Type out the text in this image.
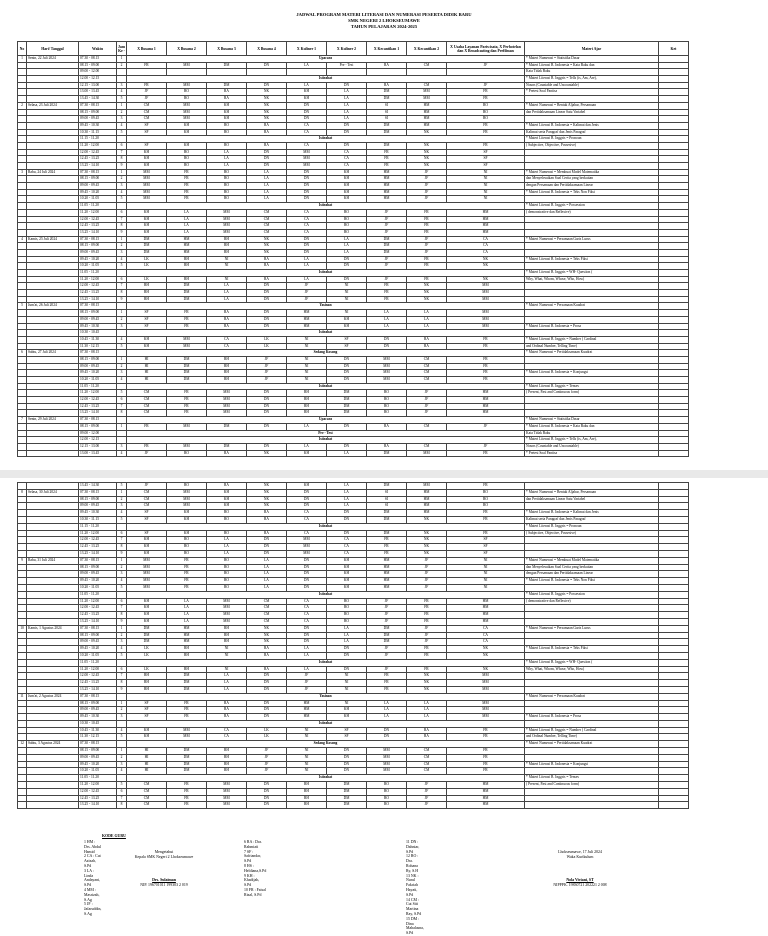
JADWAL PROGRAM MATERI LITERASI DAN NUMERASI PESERTA DIDIK BARU
SMK NEGERI 2 LHOKSEUMAWE
TAHUN PELAJARAN 2024-2025
No	Hari/ Tanggal	Waktu	Jam Ke -	X Busana 1	X Busana 2	X Busana 3	X Busana 4	X Kuliner 1	X Kuliner 2	X Kecantikan 1	X Kecantikan 2	X Usaha Layanan Pariwisata, X Perhotelan dan X Broadcasting dan Perfilman	Materi Ajar	Ket
1	Senin, 22 Juli 2024	07.30 - 08.15	1	Upacara									* Materi Numerasi = Statistika Dasar	
		08.15 - 09.00	2	FR	MM	DM	DN	LA	Pre - Test	RA	CM	JF	* Materi Literasi B. Indonesia = Kata Baku dan	
		09.00 - 12.00											Kata Tidak Baku	
		12.00 - 12.15		Istirahat									* Materi Literasi B. Inggris = Tells (is, Am, Are),	
		12.15 - 13.00	3	FR	MM	DM	DN	LA	DN	RA	CM	JF	Nouns (Countable and Uncountable)	
		13.00 - 13.45	4	JF	RO	RA	NK	KH	LA	DM	MM	FR	* Pretest Soal Pantisa	
		13.45 - 14.30	5	JF	RO	RA	NK	KH	LA	DM	MM	FR		
2	Selasa, 23 Juli 2024	07.30 - 08.15	1	CM	MM	KH	NK	DN	LA	SI	HM	RO	* Materi Numerasi = Bentuk Aljabar, Persamaan	
		08.15 - 09.00	2	CM	MM	KH	NK	DN	LA	SI	HM	RO	dan Pertidaksamaan Linear Satu Variabel	
		09.00 - 09.45	3	CM	MM	KH	NK	DN	LA	SI	HM	RO		
		09.45 - 10.30	4	SF	KH	RO	RA	CA	DN	DM	HM	FR	* Materi Literasi B. Indonesia = Kalimat dan Jenis	
		10.30 - 11.15	5	SF	KH	RO	RA	CA	DN	DM	NK	FR	Kalimat serta Paragraf dan Jenis Paragraf	
		11.15 - 11.20		Istirahat									* Materi Literasi B. Inggris = Pronoun	
		11.20 - 12.00	6	SF	KH	RO	RA	CA	DN	DM	NK	FR	( Subjective, Objective, Possesive)	
		12.00 - 12.45	7	KH	RO	LA	DN	MM	CA	FR	NK	SF		
		12.45 - 13.25	8	KH	RO	LA	DN	MM	CA	FR	NK	SF		
		13.25 - 14.10	9	KH	RO	LA	DN	MM	CA	FR	NK	SF		
3	Rabu, 24 Juli 2024	07.30 - 08.15	1	MM	FR	RO	LA	DN	KH	HM	JF	NI	* Materi Numerasi = Membuat Model Matematika	
		08.15 - 09.00	2	MM	FR	RO	LA	DN	KH	HM	JF	NI	dan Menyelesaikan Soal Cerita yang berkaitan	
		09.00 - 09.45	3	MM	FR	RO	LA	DN	KH	HM	JF	NI	dengan Persamaan dan Pertidaksamaan Linear	
		09.45 - 10.20	4	MM	FR	RO	LA	DN	KH	HM	JF	NI	* Materi Literasi B. Indonesia = Teks Non Fiksi	
		10.20 - 11.05	5	MM	FR	RO	LA	DN	KH	HM	JF	NI		
		11.05 - 11.20		Istirahat									* Materi Literasi B. Inggris = Possession	
		11.20 - 12.00	6	KH	LA	MM	CM	CA	RO	JF	FR	HM	( demonstrative dan Reflexive)	
		12.00 - 12.45	7	KH	LA	MM	CM	CA	RO	JF	FR	HM		
		12.45 - 13.25	8	KH	LA	MM	CM	CA	RO	JF	FR	HM		
		13.25 - 14.10	9	KH	LA	MM	CM	CA	RO	JF	FR	HM		
4	Kamis, 25 Juli 2024	07.30 - 08.15	1	DM	HM	RH	NK	DN	LA	DM	JF	CA	* Materi Numerasi = Persamaan Garis Lurus	
		08.15 - 09.00	2	DM	HM	RH	NK	DN	LA	DM	JF	CA		
		09.00 - 09.45	3	DM	HM	RH	NK	DN	LA	DM	JF	CA		
		09.45 - 10.20	4	LK	RH	NI	RA	LA	DN	JF	FR	NK	* Materi Literasi B. Indonesia = Teks Fiksi	
		10.20 - 11.05	5	LK	RH	NI	RA	LA	DN	JF	FR	NK		
		11.05 - 11.20		Istirahat									* Materi Literasi B. Inggris = WH- Question (	
		11.20 - 12.00	6	LK	RH	NI	RA	LA	DN	JF	FR	NK	Why, What, Whom, Whose, Who, How)	
		12.00 - 12.45	7	RH	DM	LA	DN	JF	NI	FR	NK	MM		
		12.45 - 13.25	8	RH	DM	LA	DN	JF	NI	FR	NK	MM		
		13.25 - 14.10	9	RH	DM	LA	DN	JF	NI	FR	NK	MM		
5	Jum'at, 26 Juli 2024	07.30 - 08.15		Yasinan									* Materi Numerasi = Persamaan Kuadrat	
		08.15 - 09.00	1	SF	FR	RA	DN	HM	NI	LA	LA	MM		
		09.00 - 09.45	2	SF	FR	RA	DN	HM	KH	LA	LA	MM		
		09.45 - 10.30	3	SF	FR	RA	DN	HM	KH	LA	LA	MM	* Materi Literasi B. Indonesia = Prosa	
		10.30 - 10.45		Istirahat										
		10.45 - 11.30	4	KH	MM	CA	LK	NI	SF	DN	RA	FR	* Materi Literasi B. Inggris = Number ( Cardinal	
		11.30 - 12.15	5	KH	MM	CA	LK	NI	SF	DN	RA	FR	and Ordinal Number, Telling Time)	
6	Sabtu, 27 Juli 2024	07.30 - 08.15		Sedang Kosong									* Materi Numerasi = Pertidaksamaan Kuadrat	
		08.15 - 09.00	1	HI	DM	RH	JF	NI	DN	MM	CM	FR		
		09.00 - 09.45	2	HI	DM	RH	JF	NI	DN	MM	CM	FR		
		09.45 - 10.20	3	HI	DM	RH	JF	NI	DN	MM	CM	FR	* Materi Literasi B. Indonesia = Konjungsi	
		10.20 - 11.05	4	HI	DM	RH	JF	NI	DN	MM	CM	FR		
		11.05 - 11.20		Istirahat									* Materi Literasi B. Inggris = Tenses	
		11.20 - 12.00	5	CM	FR	MM	DN	RH	DM	RO	JF	HM	( Present, Past and Continuous form)	
		12.00 - 12.45	6	CM	FR	MM	DN	RH	DM	RO	JF	HM		
		12.45 - 13.25	7	CM	FR	MM	DN	RH	DM	RO	JF	HM		
		13.25 - 14.10	8	CM	FR	MM	DN	RH	DM	RO	JF	HM		
7	Senin, 29 Juli 2024	07.30 - 08.15		Upacara									* Materi Numerasi = Statistika Dasar	
		08.15 - 09.00	1	FR	MM	DM	DN	LA	DN	RA	CM	JF	* Materi Literasi B. Indonesia = Kata Baku dan	
		09.00 - 12.00		Pre - Test									Kata Tidak Baku	
		12.00 - 12.15		Istirahat									* Materi Literasi B. Inggris = Tells (is, Am, Are),	
		12.15 - 13.00	3	FR	MM	DM	DN	LA	DN	RA	CM	JF	Nouns (Countable and Uncountable)	
		13.00 - 13.45	4	JF	RO	RA	NK	KH	LA	DM	MM	FR	* Pretest Soal Pantisa	
		13.45 - 14.30	5	JF	RO	RA	NK	KH	LA	DM	MM	FR		
8	Selasa, 30 Juli 2024	07.30 - 08.15	1	CM	MM	KH	NK	DN	LA	SI	HM	RO	* Materi Numerasi = Bentuk Aljabar, Persamaan	
		08.15 - 09.00	2	CM	MM	KH	NK	DN	LA	SI	HM	RO	dan Pertidaksamaan Linear Satu Variabel	
		09.00 - 09.45	3	CM	MM	KH	NK	DN	LA	SI	HM	RO		
		09.45 - 10.30	4	SF	KH	RO	RA	CA	DN	DM	HM	FR	* Materi Literasi B. Indonesia = Kalimat dan Jenis	
		10.30 - 11.15	5	SF	KH	RO	RA	CA	DN	DM	NK	FR	Kalimat serta Paragraf dan Jenis Paragraf	
		11.15 - 11.20		Istirahat									* Materi Literasi B. Inggris = Pronoun	
		11.20 - 12.00	6	SF	KH	RO	RA	CA	DN	DM	NK	FR	( Subjective, Objective, Possesive)	
		12.00 - 12.45	7	KH	RO	LA	DN	MM	CA	FR	NK	SF		
		12.45 - 13.25	8	KH	RO	LA	DN	MM	CA	FR	NK	SF		
		13.25 - 14.10	9	KH	RO	LA	DN	MM	CA	FR	NK	SF		
9	Rabu, 31 Juli 2024	07.30 - 08.15	1	MM	FR	RO	LA	DN	KH	HM	JF	NI	* Materi Numerasi = Membuat Model Matematika	
		08.15 - 09.00	2	MM	FR	RO	LA	DN	KH	HM	JF	NI	dan Menyelesaikan Soal Cerita yang berkaitan	
		09.00 - 09.45	3	MM	FR	RO	LA	DN	KH	HM	JF	NI	dengan Persamaan dan Pertidaksamaan Linear	
		09.45 - 10.20	4	MM	FR	RO	LA	DN	KH	HM	JF	NI	* Materi Literasi B. Indonesia = Teks Non Fiksi	
		10.20 - 11.05	5	MM	FR	RO	LA	DN	KH	HM	JF	NI		
		11.05 - 11.20		Istirahat									* Materi Literasi B. Inggris = Possession	
		11.20 - 12.00	6	KH	LA	MM	CM	CA	RO	JF	FR	HM	( demonstrative dan Reflexive)	
		12.00 - 12.45	7	KH	LA	MM	CM	CA	RO	JF	FR	HM		
		12.45 - 13.25	8	KH	LA	MM	CM	CA	RO	JF	FR	HM		
		13.25 - 14.10	9	KH	LA	MM	CM	CA	RO	JF	FR	HM		
10	Kamis, 1 Agustus 2024	07.30 - 08.15	1	DM	HM	RH	NK	DN	LA	DM	JF	CA	* Materi Numerasi = Persamaan Garis Lurus	
		08.15 - 09.00	2	DM	HM	RH	NK	DN	LA	DM	JF	CA		
		09.00 - 09.45	3	DM	HM	RH	NK	DN	LA	DM	JF	CA		
		09.45 - 10.20	4	LK	RH	NI	RA	LA	DN	JF	FR	NK	* Materi Literasi B. Indonesia = Teks Fiksi	
		10.20 - 11.05	5	LK	RH	NI	RA	LA	DN	JF	FR	NK		
		11.05 - 11.20		Istirahat									* Materi Literasi B. Inggris = WH- Question (	
		11.20 - 12.00	6	LK	RH	NI	RA	LA	DN	JF	FR	NK	Why, What, Whom, Whose, Who, How)	
		12.00 - 12.45	7	RH	DM	LA	DN	JF	NI	FR	NK	MM		
		12.45 - 13.25	8	RH	DM	LA	DN	JF	NI	FR	NK	MM		
		13.25 - 14.10	9	RH	DM	LA	DN	JF	NI	FR	NK	MM		
11	Jum'at, 2 Agustus 2024	07.30 - 08.15		Yasinan									* Materi Numerasi = Persamaan Kuadrat	
		08.15 - 09.00	1	SF	FR	RA	DN	HM	NI	LA	LA	MM		
		09.00 - 09.45	2	SF	FR	RA	DN	HM	KH	LA	LA	MM		
		09.45 - 10.30	3	SF	FR	RA	DN	HM	KH	LA	LA	MM	* Materi Literasi B. Indonesia = Prosa	
		10.30 - 10.45		Istirahat										
		10.45 - 11.30	4	KH	MM	CA	LK	NI	SF	DN	RA	FR	* Materi Literasi B. Inggris = Number ( Cardinal	
		11.30 - 12.15	5	KH	MM	CA	LK	NI	SF	DN	RA	FR	and Ordinal Number, Telling Time)	
12	Sabtu, 3 Agustus 2024	07.30 - 08.15		Sedang Kosong									* Materi Numerasi = Pertidaksamaan Kuadrat	
		08.15 - 09.00	1	HI	DM	RH	JF	NI	DN	MM	CM	FR		
		09.00 - 09.45	2	HI	DM	RH	JF	NI	DN	MM	CM	FR		
		09.45 - 10.20	3	HI	DM	RH	JF	NI	DN	MM	CM	FR	* Materi Literasi B. Indonesia = Konjungsi	
		10.20 - 11.05	4	HI	DM	RH	JF	NI	DN	MM	CM	FR		
		11.05 - 11.20		Istirahat									* Materi Literasi B. Inggris = Tenses	
		11.20 - 12.00	5	CM	FR	MM	DN	RH	DM	RO	JF	HM	( Present, Past and Continuous form)	
		12.00 - 12.45	6	CM	FR	MM	DN	RH	DM	RO	JF	HM		
		12.45 - 13.25	7	CM	FR	MM	DN	RH	DM	RO	JF	HM		
		13.25 - 14.10	8	CM	FR	MM	DN	RH	DM	RO	JF	HM		
KODE GURU
1 HM : Drs. Abdul Hamid
2 CA : Cut Azizah, S.Pd
3 LA : Linda Andayani, S.Pd
4 MM : Masrizah, S.Ag
5 JF : Jafaruddin, S.Ag
6 RA : Dra. Rahmiati
7 SF : Safriandar, S.Pd
8 HS : Heldiana,S.Pd
9 KH : Khadijah, S.Pd
10 FR : Faisal Rizal, S.Pd
11 DN : Dahniar, S.Pd
12 RO : Dra. Rohana Ry, S.H
13 NK : Nurul Fakriah Hayati, S.Pd
14 CM : Cut Siti Martina Ray, S.Pd
15 DM : Dina Mahalasna, S.Pd
Mengetahui
Kepala SMK Negeri 2 Lhokseumawe
Drs. Sulaiman
NIP. 196701011 199303 2 019
Lhokseumawe, 17 Juli 2024
Waka Kurikulum
Nola Viviani, ST
NIPPPK. 19830721 202221 2 008
